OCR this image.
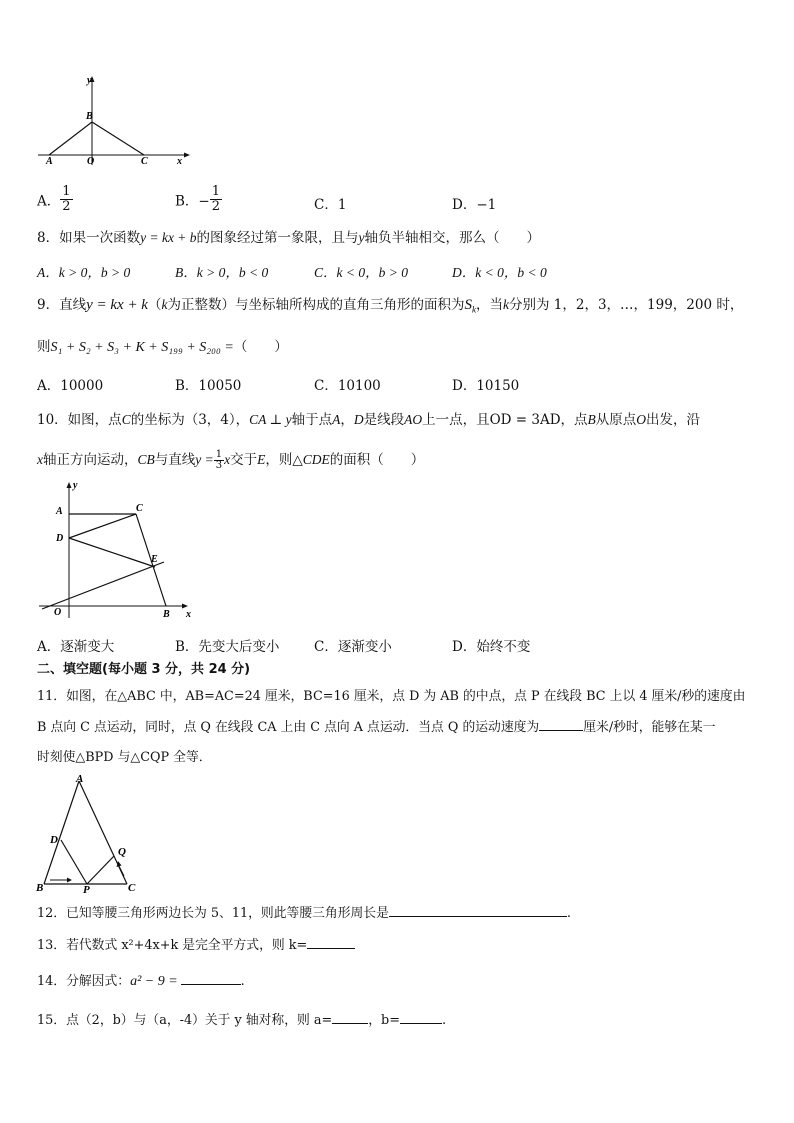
y
B
A	O	C	x
A． $\frac{1}{2}$	B．− $\frac{1}{2}$	C．1	D．−1
8．如果一次函数y = kx + b的图象经过第一象限，且与y轴负半轴相交，那么（　　）
A．k > 0，b > 0	B．k > 0，b < 0	C．k < 0，b > 0	D．k < 0，b < 0
9．直线y = kx + k（k为正整数）与坐标轴所构成的直角三角形的面积为$S_k$，当k分别为 1，2，3，…，199，200 时，
则S₁ + S₂ + S₃ + K + S₁₉₉ + S₂₀₀ =（　　）
A．10000	B．10050	C．10100	D．10150
10．如图，点C的坐标为（3，4），CA ⊥ y轴于点A，D是线段AO上一点，且OD = 3AD，点B从原点O出发，沿
x轴正方向运动，CB与直线$y = \frac{1}{3}$ x交于E，则△CDE的面积（　　）
y
A	C
D
E
O	B x
A．逐渐变大	B．先变大后变小	C．逐渐变小	D．始终不变
二、填空题(每小题 3 分，共 24 分)
11．如图，在△ABC 中，AB=AC=24 厘米，BC=16 厘米，点 D 为 AB 的中点，点 P 在线段 BC 上以 4 厘米/秒的速度由
B 点向 C 点运动，同时，点 Q 在线段 CA 上由 C 点向 A 点运动．当点 Q 的运动速度为	厘米/秒时，能够在某一
时刻使△BPD 与△CQP 全等．
A
D
Q
B	P	C
12．已知等腰三角形两边长为 5、11，则此等腰三角形周长是	.
13．若代数式 x²+4x+k 是完全平方式，则 k=
14．分解因式：a² − 9 =	.
15．点（2，b）与（a，-4）关于 y 轴对称，则 a=	，b=	.
